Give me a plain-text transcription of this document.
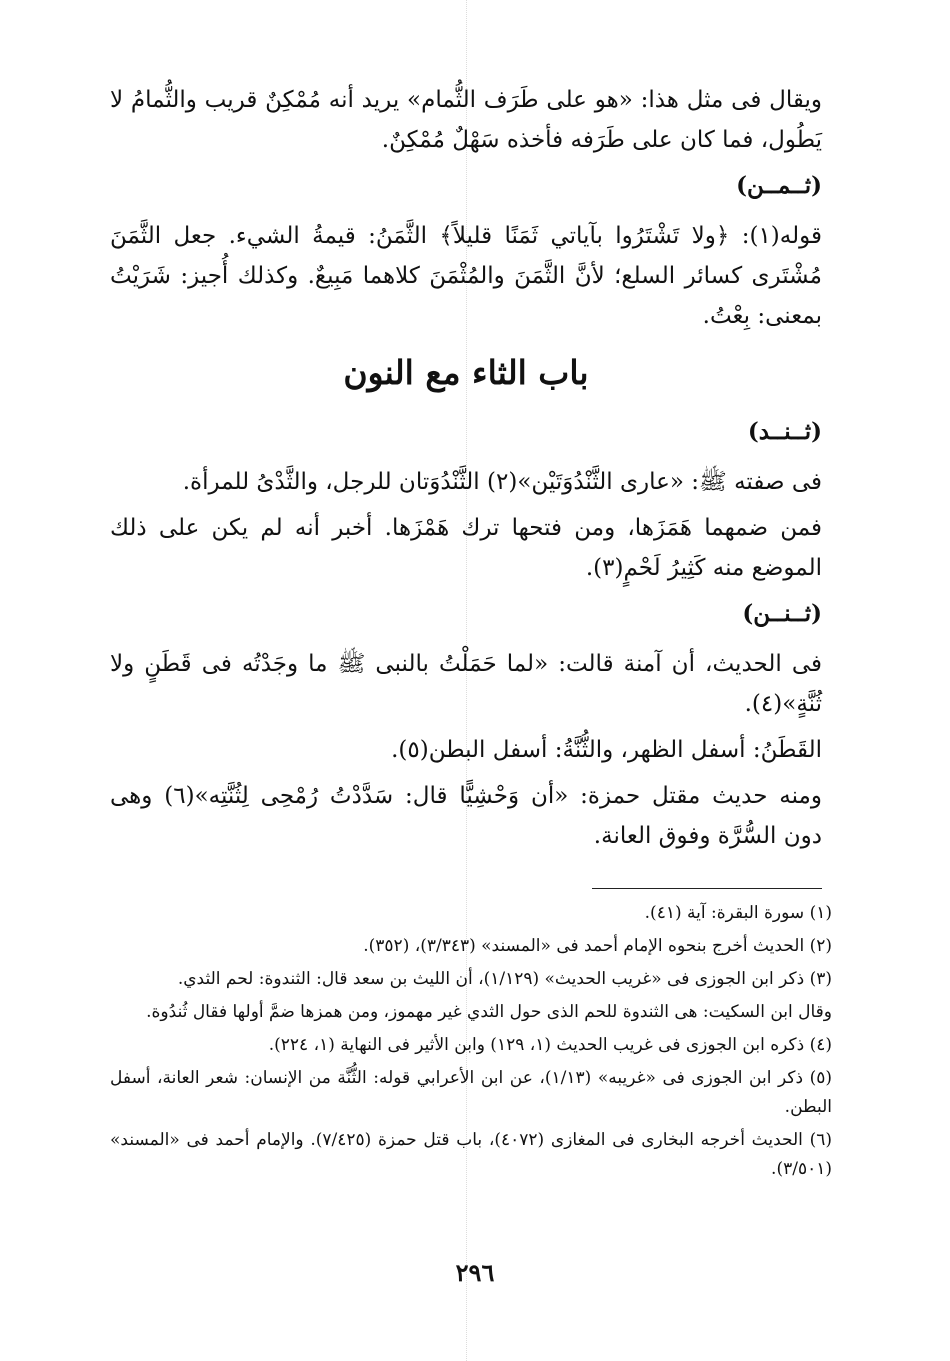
ويقال فى مثل هذا: «هو على طَرَف الثُّمام» يريد أنه مُمْكِنٌ قريب والثُّمامُ لا يَطُول، فما كان على طَرَفه فأخذه سَهْلٌ مُمْكِنٌ.

(ثــمــن)

قوله(١): ﴿ولا تَشْتَرُوا بآياتي ثَمَنًا قليلاً﴾ الثَّمَنُ: قيمةُ الشيء. جعل الثَّمَنَ مُشْتَرى كسائر السلع؛ لأنَّ الثَّمَنَ والمُثْمَنَ كلاهما مَبِيعٌ. وكذلك أُجيز: شَرَيْتُ بمعنى: بِعْتُ.

باب الثاء مع النون

(ثــنــد)

فى صفته ﷺ: «عارى الثَّنْدُوَتَيْن»(٢) الثَّنْدُوَتان للرجل، والثَّدْىُ للمرأة.

فمن ضمهما هَمَزَها، ومن فتحها ترك هَمْزَها. أخبر أنه لم يكن على ذلك الموضع منه كَثِيرُ لَحْمٍ(٣).

(ثــنــن)

فى الحديث، أن آمنة قالت: «لما حَمَلْتُ بالنبى ﷺ ما وجَدْتُه فى قَطَنٍ ولا ثُنَّةٍ»(٤).

القَطَنُ: أسفل الظهر، والثُّنَّةُ: أسفل البطن(٥).

ومنه حديث مقتل حمزة: «أن وَحْشِيًّا قال: سَدَّدْتُ رُمْحِى لِثُنَّتِه»(٦) وهى دون السُّرَّة وفوق العانة.

(١) سورة البقرة: آية (٤١).

(٢) الحديث أخرج بنحوه الإمام أحمد فى «المسند» (٣/٣٤٣)، (٣٥٢).

(٣) ذكر ابن الجوزى فى «غريب الحديث» (١/١٢٩)، أن الليث بن سعد قال: الثندوة: لحم الثدي.

وقال ابن السكيت: هى الثندوة للحم الذى حول الثدي غير مهموز، ومن همزها ضمَّ أولها فقال ثُندُوة.

(٤) ذكره ابن الجوزى فى غريب الحديث (١، ١٢٩) وابن الأثير فى النهاية (١، ٢٢٤).

(٥) ذكر ابن الجوزى فى «غريبه» (١/١٣)، عن ابن الأعرابي قوله: الثُّنَّة من الإنسان: شعر العانة، أسفل البطن.

(٦) الحديث أخرجه البخارى فى المغازى (٤٠٧٢)، باب قتل حمزة (٧/٤٢٥). والإمام أحمد فى «المسند» (٣/٥٠١).

٢٩٦
